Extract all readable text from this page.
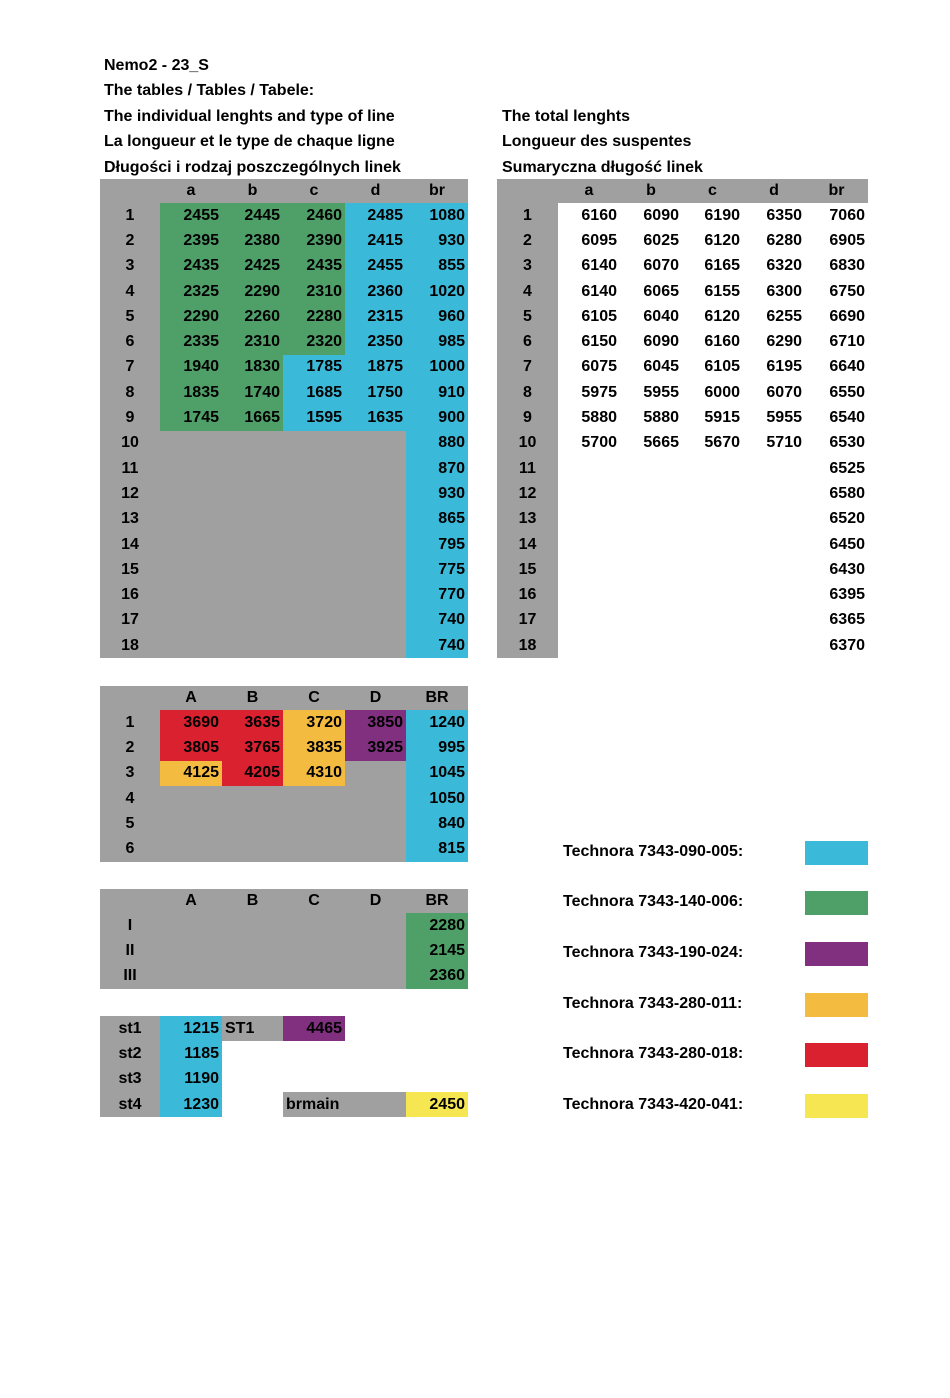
Nemo2 - 23_S
The tables / Tables / Tabele:
The individual lenghts and type of line
La longueur et le type de chaque ligne
Długości i rodzaj poszczególnych linek
The total lenghts
Longueur des suspentes
Sumaryczna długość linek
	a	b	c	d	br
1	2455	2445	2460	2485	1080
2	2395	2380	2390	2415	930
3	2435	2425	2435	2455	855
4	2325	2290	2310	2360	1020
5	2290	2260	2280	2315	960
6	2335	2310	2320	2350	985
7	1940	1830	1785	1875	1000
8	1835	1740	1685	1750	910
9	1745	1665	1595	1635	900
10					880
11					870
12					930
13					865
14					795
15					775
16					770
17					740
18					740
	a	b	c	d	br
1	6160	6090	6190	6350	7060
2	6095	6025	6120	6280	6905
3	6140	6070	6165	6320	6830
4	6140	6065	6155	6300	6750
5	6105	6040	6120	6255	6690
6	6150	6090	6160	6290	6710
7	6075	6045	6105	6195	6640
8	5975	5955	6000	6070	6550
9	5880	5880	5915	5955	6540
10	5700	5665	5670	5710	6530
11					6525
12					6580
13					6520
14					6450
15					6430
16					6395
17					6365
18					6370
	A	B	C	D	BR
1	3690	3635	3720	3850	1240
2	3805	3765	3835	3925	995
3	4125	4205	4310		1045
4					1050
5					840
6					815
	A	B	C	D	BR
I					2280
II					2145
III					2360
st1	1215	ST1	4465		
st2	1185				
st3	1190				
st4	1230		brmain		2450
Technora 7343-090-005:
Technora 7343-140-006:
Technora 7343-190-024:
Technora 7343-280-011:
Technora 7343-280-018:
Technora 7343-420-041:
